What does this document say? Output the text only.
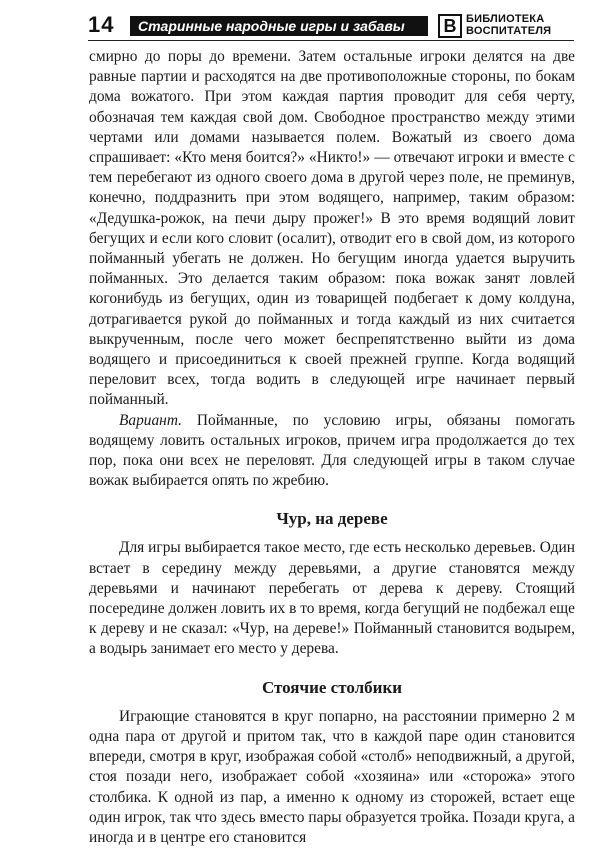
14	Старинные народные игры и забавы	В БИБЛИОТЕКА
ВОСПИТАТЕЛЯ

смирно до поры до времени. Затем остальные игроки делятся на две равные партии и расходятся на две противоположные стороны, по бокам дома вожатого. При этом каждая партия проводит для себя черту, обозначая тем каждая свой дом. Свободное пространство между этими чертами или домами называется полем. Вожатый из своего дома спрашивает: «Кто меня боится?» «Никто!» — отвечают игроки и вместе с тем перебегают из одного своего дома в другой через поле, не преминув, конечно, поддразнить при этом водящего, например, таким образом: «Дедушка-рожок, на печи дыру прожег!» В это время водящий ловит бегущих и если кого словит (осалит), отводит его в свой дом, из которого пойманный убегать не должен. Но бегущим иногда удается выручить пойманных. Это делается таким образом: пока вожак занят ловлей когонибудь из бегущих, один из товарищей подбегает к дому колдуна, дотрагивается рукой до пойманных и тогда каждый из них считается выкрученным, после чего может беспрепятственно выйти из дома водящего и присоединиться к своей прежней группе. Когда водящий переловит всех, тогда водить в следующей игре начинает первый пойманный.

Вариант. Пойманные, по условию игры, обязаны помогать водящему ловить остальных игроков, причем игра продолжается до тех пор, пока они всех не переловят. Для следующей игры в таком случае вожак выбирается опять по жребию.

Чур, на дереве

Для игры выбирается такое место, где есть несколько деревьев. Один встает в середину между деревьями, а другие становятся между деревьями и начинают перебегать от дерева к дереву. Стоящий посередине должен ловить их в то время, когда бегущий не подбежал еще к дереву и не сказал: «Чур, на дереве!» Пойманный становится водырем, а водырь занимает его место у дерева.

Стоячие столбики

Играющие становятся в круг попарно, на расстоянии примерно 2 м одна пара от другой и притом так, что в каждой паре один становится впереди, смотря в круг, изображая собой «столб» неподвижный, а другой, стоя позади него, изображает собой «хозяина» или «сторожа» этого столбика. К одной из пар, а именно к одному из сторожей, встает еще один игрок, так что здесь вместо пары образуется тройка. Позади круга, а иногда и в центре его становится
